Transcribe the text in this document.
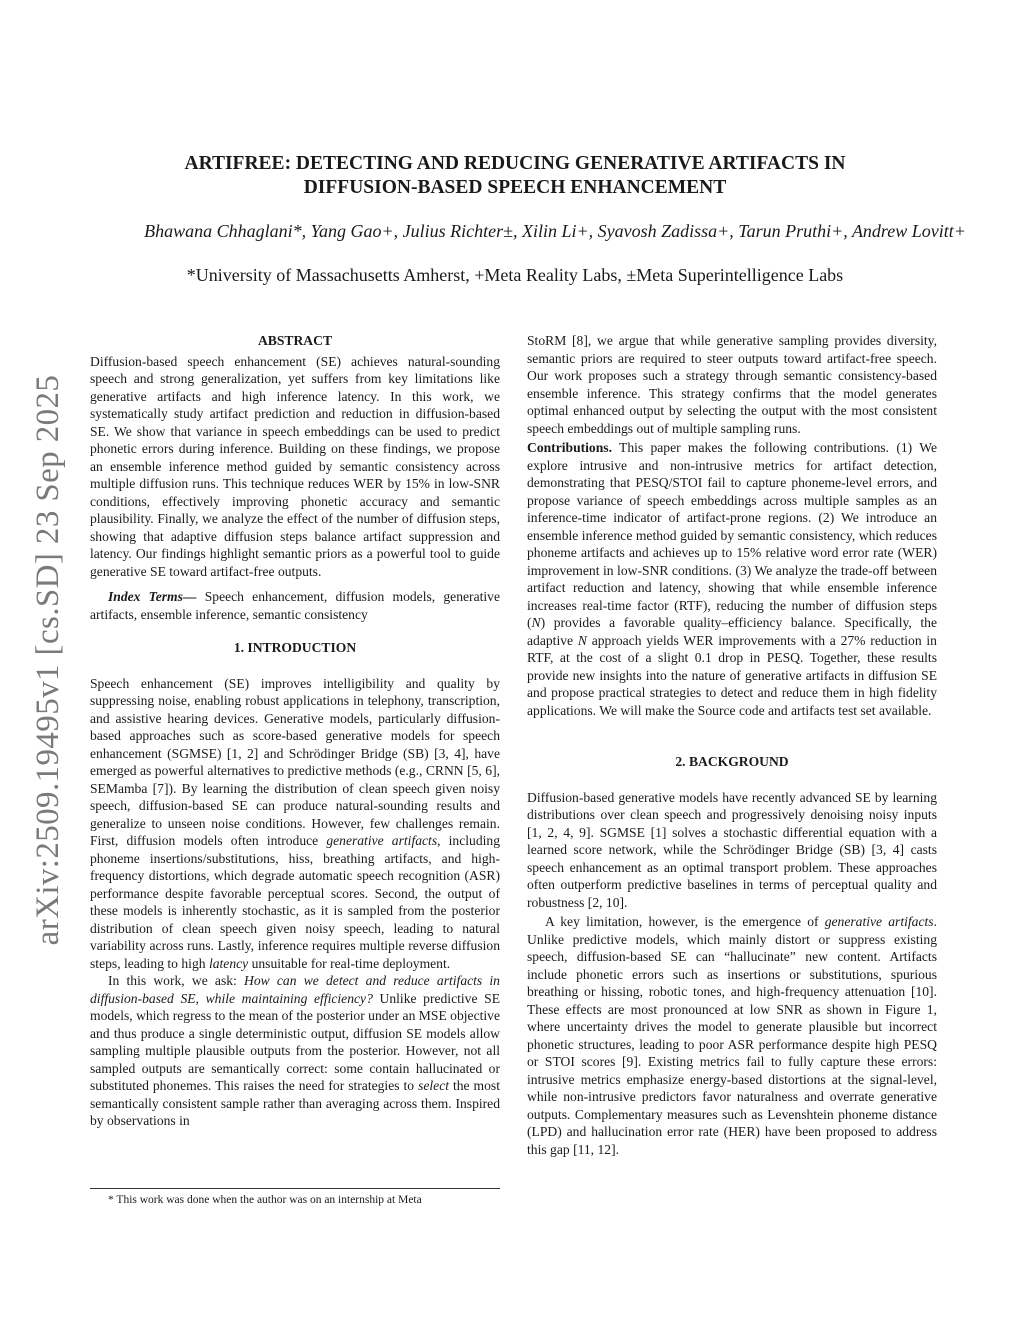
arXiv:2509.19495v1 [cs.SD] 23 Sep 2025
ARTIFREE: DETECTING AND REDUCING GENERATIVE ARTIFACTS IN
DIFFUSION-BASED SPEECH ENHANCEMENT
Bhawana Chhaglani*, Yang Gao+, Julius Richter±, Xilin Li+, Syavosh Zadissa+, Tarun Pruthi+, Andrew Lovitt+
*University of Massachusetts Amherst, +Meta Reality Labs, ±Meta Superintelligence Labs

ABSTRACT

Diffusion-based speech enhancement (SE) achieves natural-sounding speech and strong generalization, yet suffers from key limitations like generative artifacts and high inference latency. In this work, we systematically study artifact prediction and reduction in diffusion-based SE. We show that variance in speech embeddings can be used to predict phonetic errors during inference. Building on these findings, we propose an ensemble inference method guided by semantic consistency across multiple diffusion runs. This technique reduces WER by 15% in low-SNR conditions, effectively improving phonetic accuracy and semantic plausibility. Finally, we analyze the effect of the number of diffusion steps, showing that adaptive diffusion steps balance artifact suppression and latency. Our findings highlight semantic priors as a powerful tool to guide generative SE toward artifact-free outputs.

Index Terms— Speech enhancement, diffusion models, generative artifacts, ensemble inference, semantic consistency

1. INTRODUCTION

Speech enhancement (SE) improves intelligibility and quality by suppressing noise, enabling robust applications in telephony, transcription, and assistive hearing devices. Generative models, particularly diffusion-based approaches such as score-based generative models for speech enhancement (SGMSE) [1, 2] and Schrödinger Bridge (SB) [3, 4], have emerged as powerful alternatives to predictive methods (e.g., CRNN [5, 6], SEMamba [7]). By learning the distribution of clean speech given noisy speech, diffusion-based SE can produce natural-sounding results and generalize to unseen noise conditions. However, few challenges remain. First, diffusion models often introduce generative artifacts, including phoneme insertions/substitutions, hiss, breathing artifacts, and high-frequency distortions, which degrade automatic speech recognition (ASR) performance despite favorable perceptual scores. Second, the output of these models is inherently stochastic, as it is sampled from the posterior distribution of clean speech given noisy speech, leading to natural variability across runs. Lastly, inference requires multiple reverse diffusion steps, leading to high latency unsuitable for real-time deployment.

In this work, we ask: How can we detect and reduce artifacts in diffusion-based SE, while maintaining efficiency? Unlike predictive SE models, which regress to the mean of the posterior under an MSE objective and thus produce a single deterministic output, diffusion SE models allow sampling multiple plausible outputs from the posterior. However, not all sampled outputs are semantically correct: some contain hallucinated or substituted phonemes. This raises the need for strategies to select the most semantically consistent sample rather than averaging across them. Inspired by observations in

* This work was done when the author was on an internship at Meta

StoRM [8], we argue that while generative sampling provides diversity, semantic priors are required to steer outputs toward artifact-free speech. Our work proposes such a strategy through semantic consistency-based ensemble inference. This strategy confirms that the model generates optimal enhanced output by selecting the output with the most consistent speech embeddings out of multiple sampling runs.

Contributions. This paper makes the following contributions. (1) We explore intrusive and non-intrusive metrics for artifact detection, demonstrating that PESQ/STOI fail to capture phoneme-level errors, and propose variance of speech embeddings across multiple samples as an inference-time indicator of artifact-prone regions. (2) We introduce an ensemble inference method guided by semantic consistency, which reduces phoneme artifacts and achieves up to 15% relative word error rate (WER) improvement in low-SNR conditions. (3) We analyze the trade-off between artifact reduction and latency, showing that while ensemble inference increases real-time factor (RTF), reducing the number of diffusion steps (N) provides a favorable quality–efficiency balance. Specifically, the adaptive N approach yields WER improvements with a 27% reduction in RTF, at the cost of a slight 0.1 drop in PESQ. Together, these results provide new insights into the nature of generative artifacts in diffusion SE and propose practical strategies to detect and reduce them in high fidelity applications. We will make the Source code and artifacts test set available.

2. BACKGROUND

Diffusion-based generative models have recently advanced SE by learning distributions over clean speech and progressively denoising noisy inputs [1, 2, 4, 9]. SGMSE [1] solves a stochastic differential equation with a learned score network, while the Schrödinger Bridge (SB) [3, 4] casts speech enhancement as an optimal transport problem. These approaches often outperform predictive baselines in terms of perceptual quality and robustness [2, 10].

A key limitation, however, is the emergence of generative artifacts. Unlike predictive models, which mainly distort or suppress existing speech, diffusion-based SE can “hallucinate” new content. Artifacts include phonetic errors such as insertions or substitutions, spurious breathing or hissing, robotic tones, and high-frequency attenuation [10]. These effects are most pronounced at low SNR as shown in Figure 1, where uncertainty drives the model to generate plausible but incorrect phonetic structures, leading to poor ASR performance despite high PESQ or STOI scores [9]. Existing metrics fail to fully capture these errors: intrusive metrics emphasize energy-based distortions at the signal-level, while non-intrusive predictors favor naturalness and overrate generative outputs. Complementary measures such as Levenshtein phoneme distance (LPD) and hallucination error rate (HER) have been proposed to address this gap [11, 12].
